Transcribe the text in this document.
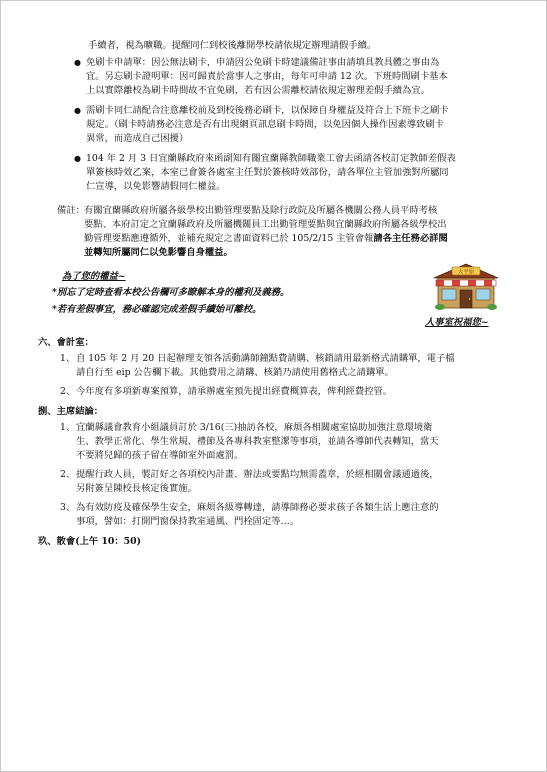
手續者，視為曠職。提醒同仁到校後離開學校請依規定辦理請假手續。
● 免刷卡申請單：因公無法刷卡，申請因公免刷卡時建議備註事由請填具教具體之事由為
宜。另忘刷卡證明單：因可歸責於當事人之事由，每年可申請 12 次。下班時間刷卡基本
上以實際離校為刷卡時間故不宜免刷，若有因公需離校請依規定辦理差假手續為宜。
● 需刷卡同仁請配合注意離校前及到校後務必刷卡，以保障自身權益及符合上下班卡之刷卡
規定。（刷卡時請務必注意是否有出現網頁訊息刷卡時間，以免因個人操作因素導致刷卡
異常，而造成自己困擾）
● 104 年 2 月 3 日宜蘭縣政府來函副知有關宜蘭縣教師職業工會去函請各校訂定教師差假表
單簽核時效乙案，本室已會簽各處室主任對於簽核時效部份，請各單位主管加強對所屬同
仁宣導，以免影響請假同仁權益。
備註： 有關宜蘭縣政府所屬各級學校出勤管理要點及除行政院及所屬各機關公務人員平時考核
要點、本府訂定之宜蘭縣政府及所屬機關員工出勤管理要點與宜蘭縣政府所屬各級學校出
勤管理要點應遵循外，並補充規定之書面資料已於 105/2/15 主管會報請各主任務必詳閱
並轉知所屬同仁以免影響自身權益。
為了您的權益~
*別忘了定時查看本校公告欄可多瞭解本身的權利及義務。
*若有差假事宜，務必確認完成差假手續始可離校。
大平原
人事室祝福您~
六、會計室：
1、 自 105 年 2 月 20 日起辦理支領各活動講師鐘點費請購、核銷請用最新格式請購單，電子檔
請自行至 eip 公告欄下載。其他費用之請購、核銷乃請使用舊格式之請購單。
2、 今年度有多項新專案預算，請承辦處室預先提出經費概算表，俾利經費控管。
捌、主席結論：
1、 宜蘭縣議會教育小組議員訂於 3/16(三)抽訪各校，麻煩各相關處室協助加強注意環境衛
生、教學正常化、學生常規、禮節及各專科教室整潔等事項，並請各導師代表轉知，當天
不要將兒歸的孩子留在導師室外面處罰。
2、 提醒行政人員，製訂好之各項校內計畫、辦法或要點均無需蓋章，於經相關會議通過後，
另附簽呈陳校長核定後實施。
3、 為有效防疫及確保學生安全，麻煩各級導轉達，請導師務必要求孩子各類生活上應注意的
事項，譬如：打開門窗保持教室通風、門栓固定等…。
玖、散會(上午 10：50)
